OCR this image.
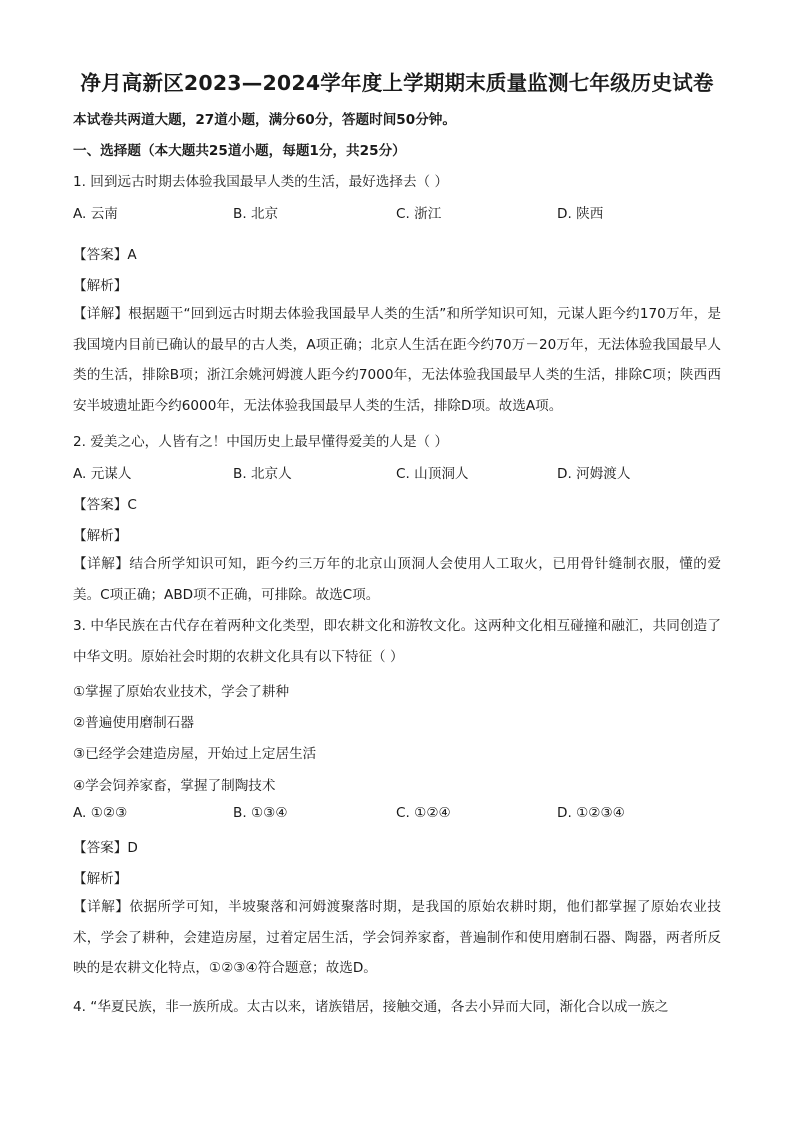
净月高新区2023—2024学年度上学期期末质量监测七年级历史试卷
本试卷共两道大题，27道小题，满分60分，答题时间50分钟。
一、选择题（本大题共25道小题，每题1分，共25分）
1. 回到远古时期去体验我国最早人类的生活，最好选择去（ ）
A. 云南	B. 北京	C. 浙江	D. 陕西
【答案】A
【解析】
【详解】根据题干“回到远古时期去体验我国最早人类的生活”和所学知识可知，元谋人距今约170万年，是我国境内目前已确认的最早的古人类，A项正确；北京人生活在距今约70万－20万年，无法体验我国最早人类的生活，排除B项；浙江余姚河姆渡人距今约7000年，无法体验我国最早人类的生活，排除C项；陕西西安半坡遗址距今约6000年，无法体验我国最早人类的生活，排除D项。故选A项。
2. 爱美之心，人皆有之！中国历史上最早懂得爱美的人是（ ）
A. 元谋人	B. 北京人	C. 山顶洞人	D. 河姆渡人
【答案】C
【解析】
【详解】结合所学知识可知，距今约三万年的北京山顶洞人会使用人工取火，已用骨针缝制衣服，懂的爱美。C项正确；ABD项不正确，可排除。故选C项。
3. 中华民族在古代存在着两种文化类型，即农耕文化和游牧文化。这两种文化相互碰撞和融汇，共同创造了中华文明。原始社会时期的农耕文化具有以下特征（ ）
①掌握了原始农业技术，学会了耕种
②普遍使用磨制石器
③已经学会建造房屋，开始过上定居生活
④学会饲养家畜，掌握了制陶技术
A. ①②③	B. ①③④	C. ①②④	D. ①②③④
【答案】D
【解析】
【详解】依据所学可知，半坡聚落和河姆渡聚落时期，是我国的原始农耕时期，他们都掌握了原始农业技术，学会了耕种，会建造房屋，过着定居生活，学会饲养家畜，普遍制作和使用磨制石器、陶器，两者所反映的是农耕文化特点，①②③④符合题意；故选D。
4. “华夏民族，非一族所成。太古以来，诸族错居，接触交通，各去小异而大同，渐化合以成一族之
